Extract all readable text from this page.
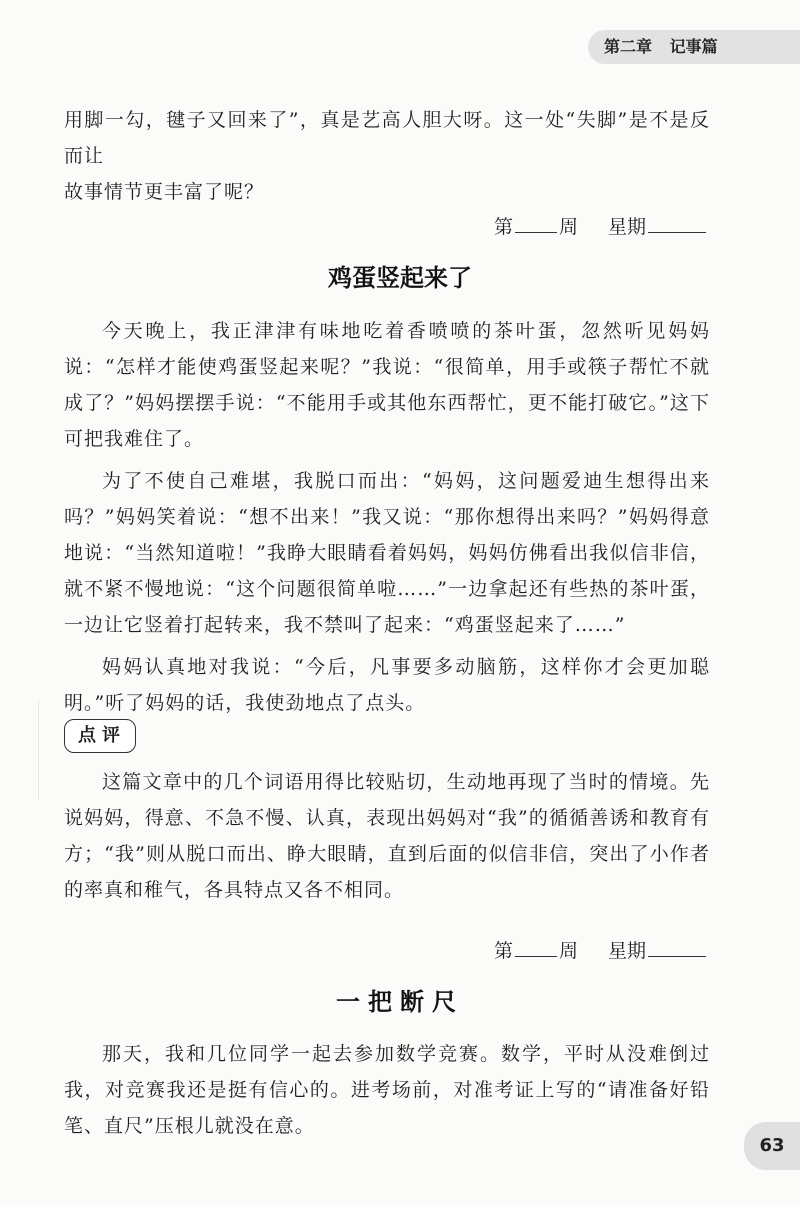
第二章 记事篇

用脚一勾，毽子又回来了”，真是艺高人胆大呀。这一处“失脚”是不是反而让

故事情节更丰富了呢？

第 周 星期
鸡蛋竖起来了

今天晚上，我正津津有味地吃着香喷喷的茶叶蛋，忽然听见妈妈说：“怎样才能使鸡蛋竖起来呢？”我说：“很简单，用手或筷子帮忙不就成了？”妈妈摆摆手说：“不能用手或其他东西帮忙，更不能打破它。”这下可把我难住了。

为了不使自己难堪，我脱口而出：“妈妈，这问题爱迪生想得出来吗？”妈妈笑着说：“想不出来！”我又说：“那你想得出来吗？”妈妈得意地说：“当然知道啦！”我睁大眼睛看着妈妈，妈妈仿佛看出我似信非信，就不紧不慢地说：“这个问题很简单啦……”一边拿起还有些热的茶叶蛋，一边让它竖着打起转来，我不禁叫了起来：“鸡蛋竖起来了……”

妈妈认真地对我说：“今后，凡事要多动脑筋，这样你才会更加聪明。”听了妈妈的话，我使劲地点了点头。

点评

这篇文章中的几个词语用得比较贴切，生动地再现了当时的情境。先说妈妈，得意、不急不慢、认真，表现出妈妈对“我”的循循善诱和教育有方；“我”则从脱口而出、睁大眼睛，直到后面的似信非信，突出了小作者的率真和稚气，各具特点又各不相同。

第 周 星期
一把断尺

那天，我和几位同学一起去参加数学竞赛。数学，平时从没难倒过我，对竞赛我还是挺有信心的。进考场前，对准考证上写的“请准备好铅笔、直尺”压根儿就没在意。

63
